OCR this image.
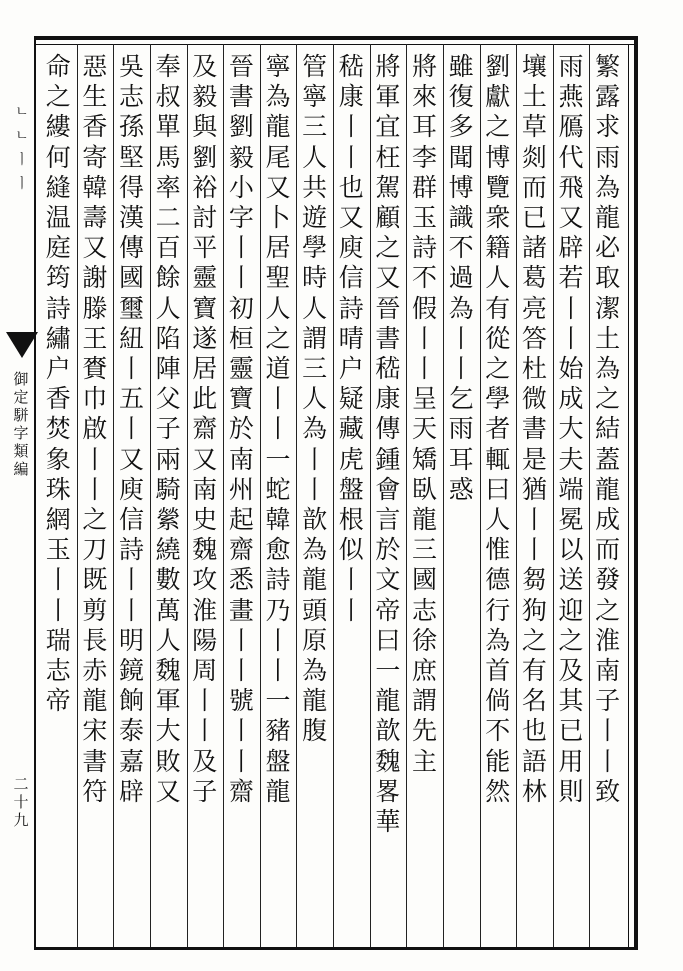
ㄴㄴㅣㅣ
御定駢字類編
二十九
繁露求雨為龍必取潔土為之結蓋龍成而發之淮南子丨丨致
雨燕鴈代飛又辟若丨丨始成大夫端冕以送迎之及其已用則
壤土草剡而已諸葛亮答杜微書是猶丨丨芻狗之有名也語林
劉獻之博覽衆籍人有從之學者輒曰人惟德行為首倘不能然
雖復多聞博識不過為丨丨乞雨耳惑
將來耳李群玉詩不假丨丨呈天矯臥龍三國志徐庶謂先主
將軍宜枉駕顧之又晉書嵇康傳鍾會言於文帝曰一龍歆魏畧華
嵇康丨丨也又庾信詩晴户疑藏虎盤根似丨丨
管寧三人共遊學時人謂三人為丨丨歆為龍頭原為龍腹
寧為龍尾又卜居聖人之道丨丨一蛇韓愈詩乃丨丨一豬盤龍
晉書劉毅小字丨丨初桓靈寶於南州起齋悉畫丨丨號丨丨齋
及毅與劉裕討平靈寶遂居此齋又南史魏攻淮陽周丨丨及子
奉叔單馬率二百餘人陷陣父子兩騎縈繞數萬人魏軍大敗又
吳志孫堅得漢傳國璽紐丨五丨又庾信詩丨丨明鏡餉泰嘉辟
惡生香寄韓壽又謝滕王賚巾啟丨丨之刀既剪長赤龍宋書符
命之縷何縫温庭筠詩繡户香焚象珠網玉丨丨瑞志帝
